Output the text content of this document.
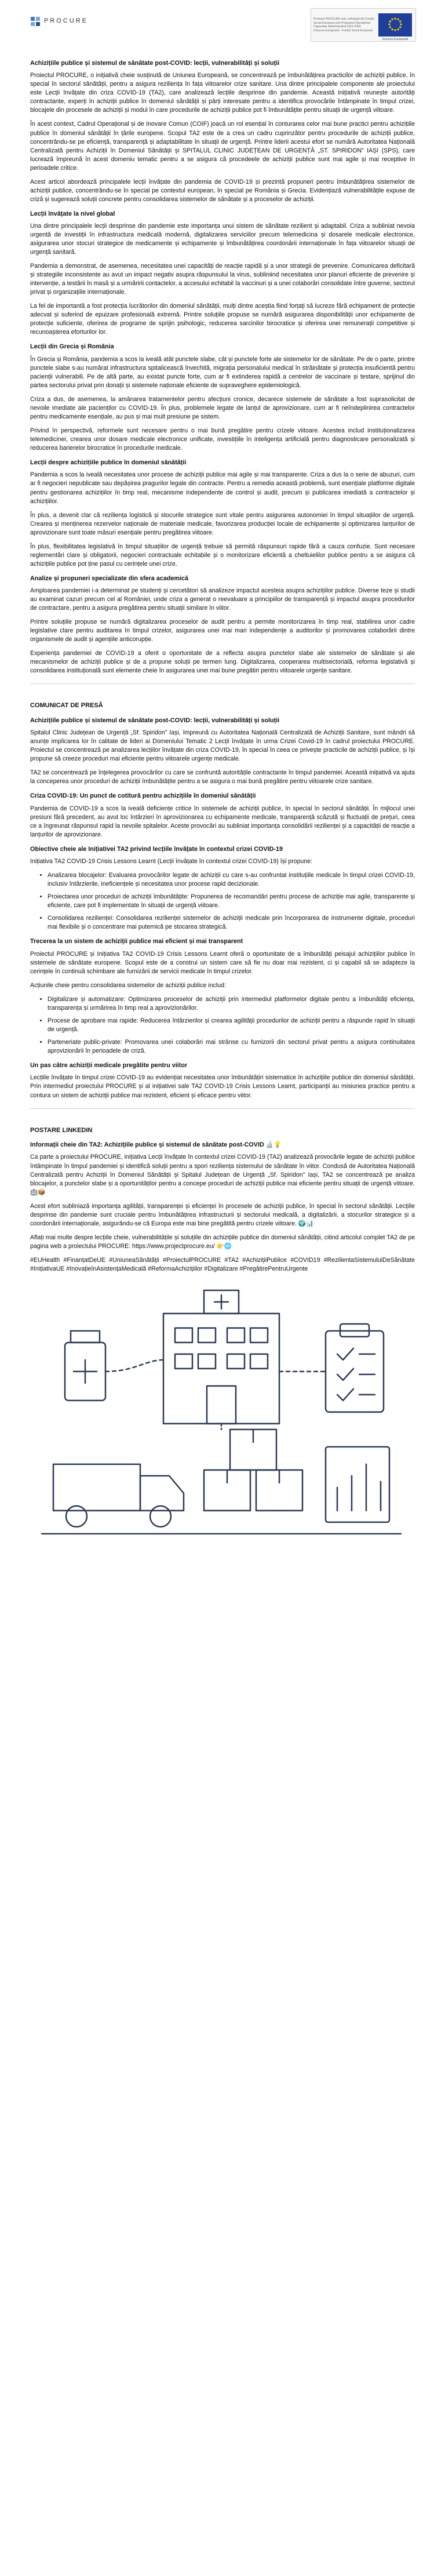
PROCURE	Proiectul PROCURE este cofinanțat din Fondul Social European prin Programul Operațional Capacitate Administrativă 2014-2020
Uniunea Europeană · Fondul Social European
Uniunea Europeană
Achizițiile publice și sistemul de sănătate post-COVID: lecții, vulnerabilități și soluții

Proiectul PROCURE, o inițiativă cheie susținută de Uniunea Europeană, se concentrează pe îmbunătățirea practicilor de achiziții publice, în special în sectorul sănătății, pentru a asigura reziliența în fața viitoarelor crize sanitare. Una dintre principalele componente ale proiectului este Lecții învățate din criza COVID-19 (TA2), care analizează lecțiile desprinse din pandemie. Această inițiativă reunește autorități contractante, experți în achiziții publice în domeniul sănătății și părți interesate pentru a identifica provocările întâmpinate în timpul crizei, blocajele din procesele de achiziții și modul în care procedurile de achiziții publice pot fi îmbunătățite pentru situații de urgență viitoare.

În acest context, Cadrul Operațional și de Inovare Comun (COIF) joacă un rol esențial în conturarea celor mai bune practici pentru achizițiile publice în domeniul sănătății în țările europene. Scopul TA2 este de a crea un cadru cuprinzător pentru procedurile de achiziții publice, concentrându-se pe eficiență, transparență și adaptabilitate în situații de urgență. Printre liderii acestui efort se numără Autoritatea Națională Centralizată pentru Achiziții în Domeniul Sănătății și SPITALUL CLINIC JUDEȚEAN DE URGENȚĂ „ST. SPIRIDON” IAȘI (SPS), care lucrează împreună în acest domeniu tematic pentru a se asigura că procedeele de achiziții publice sunt mai agile și mai receptive în perioadele critice.

Acest articol abordează principalele lecții învățate din pandemia de COVID-19 și prezintă propuneri pentru îmbunătățirea sistemelor de achiziții publice, concentrându-se în special pe contextul european, în special pe România și Grecia. Evidențiază vulnerabilitățile expuse de criză și sugerează soluții concrete pentru consolidarea sistemelor de sănătate și a proceselor de achiziții.

Lecții învățate la nivel global

Una dintre principalele lecții desprinse din pandemie este importanța unui sistem de sănătate rezilient și adaptabil. Criza a subliniat nevoia urgentă de investiții în infrastructura medicală modernă, digitalizarea serviciilor precum telemedicina și dosarele medicale electronice, asigurarea unor stocuri strategice de medicamente și echipamente și îmbunătățirea coordonării internaționale în fața viitoarelor situații de urgență sanitară.

Pandemia a demonstrat, de asemenea, necesitatea unei capacități de reacție rapidă și a unor strategii de prevenire. Comunicarea deficitară și strategiile inconsistente au avut un impact negativ asupra răspunsului la virus, subliniind necesitatea unor planuri eficiente de prevenire și intervenție, a testării în masă și a urmăririi contactelor, a accesului echitabil la vaccinuri și a unei colaborări consolidate între guverne, sectorul privat și organizațiile internaționale.

La fel de importantă a fost protecția lucrătorilor din domeniul sănătății, mulți dintre aceștia fiind forțați să lucreze fără echipament de protecție adecvat și suferind de epuizare profesională extremă. Printre soluțiile propuse se numără asigurarea disponibilității unor echipamente de protecție suficiente, oferirea de programe de sprijin psihologic, reducerea sarcinilor birocratice și oferirea unei remunerații competitive și recunoașterea eforturilor lor.

Lecții din Grecia și România

În Grecia și România, pandemia a scos la iveală atât punctele slabe, cât și punctele forte ale sistemelor lor de sănătate. Pe de o parte, printre punctele slabe s-au numărat infrastructura spitalicească învechită, migrația personalului medical în străinătate și protecția insuficientă pentru pacienții vulnerabili. Pe de altă parte, au existat puncte forte, cum ar fi extinderea rapidă a centrelor de vaccinare și testare, sprijinul din partea sectorului privat prin donații și sistemele naționale eficiente de supraveghere epidemiologică.

Criza a dus, de asemenea, la amânarea tratamentelor pentru afecțiuni cronice, decarece sistemele de sănătate a fost suprasolicitat de nevoile imediate ale pacienților cu COVID-19. În plus, problemele legate de lanțul de aprovizionare, cum ar fi neîndeplinirea contractelor pentru medicamente esențiale, au pus și mai mult presiune pe sistem.

Privind în perspectivă, reformele sunt necesare pentru o mai bună pregătire pentru crizele viitoare. Acestea includ instituționalizarea telemedicinei, crearea unor dosare medicale electronice unificate, investițiile în inteligența artificială pentru diagnosticare personalizată și reducerea barierelor birocratice în procedurile medicale.

Lecții despre achizițiile publice în domeniul sănătății

Pandemia a scos la iveală necesitatea unor procese de achiziții publice mai agile și mai transparente. Criza a dus la o serie de abuzuri, cum ar fi negocieri nepublicate sau depășirea pragurilor legale din contracte. Pentru a remedia această problemă, sunt esențiale platforme digitale pentru gestionarea achizițiilor în timp real, mecanisme independente de control și audit, precum și publicarea imediată a contractelor și achizițiilor.

În plus, a devenit clar că reziliența logistică și stocurile strategice sunt vitale pentru asigurarea autonomiei în timpul situațiilor de urgență. Crearea și menținerea rezervelor naționale de materiale medicale, favorizarea producției locale de echipamente și optimizarea lanțurilor de aprovizionare sunt toate măsuri esențiale pentru pregătirea viitoare.

În plus, flexibilitatea legislativă în timpul situațiilor de urgență trebuie să permită răspunsuri rapide fără a cauza confuzie. Sunt necesare reglementări clare și obligatorii, negocieri contractuale echitabile și o monitorizare eficientă a cheltuielilor publice pentru a se asigura că achizițiile publice pot ține pasul cu cerințele unei crize.

Analize și propuneri specializate din sfera academică

Amploarea pandemiei i-a determinat pe studenți și cercetători să analizeze impactul acesteia asupra achizițiilor publice. Diverse teze și studii au examinat cazuri precum cel al României, unde criza a generat o reevaluare a principiilor de transparență și impactul asupra procedurilor de contractare, pentru a asigura pregătirea pentru situații similare în viitor.

Printre soluțiile propuse se numără digitalizarea proceselor de audit pentru a permite monitorizarea în timp real, stabilirea unor cadre legislative clare pentru auditarea în timpul crizelor, asigurarea unei mai mari independențe a auditorilor și promovarea colaborării dintre organismele de audit și agențiile anticorupție.

Experiența pandemiei de COVID-19 a oferit o oportunitate de a reflecta asupra punctelor slabe ale sistemelor de sănătate și ale mecanismelor de achiziții publice și de a propune soluții pe termen lung. Digitalizarea, cooperarea multisectorială, reforma legislativă și consolidarea instituțională sunt elemente cheie în asigurarea unei mai bune pregătiri pentru viitoarele urgențe sanitare.

COMUNICAT DE PRESĂ
Achizițiile publice și sistemul de sănătate post-COVID: lecții, vulnerabilități și soluții

Spitalul Clinic Județean de Urgență „Sf. Spiridon” Iași, împreună cu Autoritatea Națională Centralizată de Achiziții Sanitare, sunt mândri să anunțe implicarea lor în calitate de lideri ai Domeniului Tematic 2 Lecții învățate în urma Crizei Covid-19 în cadrul proiectului PROCURE. Proiectul se concentrează pe analizarea lecțiilor învățate din criza COVID-19, în special în ceea ce privește practicile de achiziții publice, și își propune să creeze proceduri mai eficiente pentru viitoarele urgențe medicale.

TA2 se concentrează pe înțelegerea provocărilor cu care se confruntă autoritățile contractante în timpul pandemiei. Această inițiativă va ajuta la conceperea unor proceduri de achiziții îmbunătățite pentru a se asigura o mai bună pregătire pentru viitoarele crize sanitare.

Criza COVID-19: Un punct de cotitură pentru achizițiile în domeniul sănătății

Pandemia de COVID-19 a scos la iveală deficiențe critice în sistemele de achiziții publice, în special în sectorul sănătății. În mijlocul unei presiuni fără precedent, au avut loc întârzieri în aprovizionarea cu echipamente medicale, transparență scăzută și fluctuații de prețuri, ceea ce a îngreunat răspunsul rapid la nevoile spitalelor. Aceste provocări au subliniat importanța consolidării rezilienței și a capacității de reacție a lanțurilor de aprovizionare.

Obiective cheie ale Inițiativei TA2 privind lecțiile învățate în contextul crizei COVID-19

Inițiativa TA2 COVID-19 Crisis Lessons Learnt (Lecții învățate în contextul crizei COVID-19) își propune:

• Analizarea blocajelor: Evaluarea provocărilor legate de achiziții cu care s-au confruntat instituțiile medicale în timpul crizei COVID-19, inclusiv întârzierile, ineficiențele și necesitatea unor procese rapid decizionale.
• Proiectarea unor proceduri de achiziții îmbunătățite: Propunerea de recomandări pentru procese de achiziție mai agile, transparente și eficiente, care pot fi implementate în situații de urgență viitoare.
• Consolidarea rezilienței: Consolidarea rezilienței sistemelor de achiziții medicale prin încorporarea de instrumente digitale, proceduri mai flexibile și o concentrare mai puternică pe stocarea strategică.
Trecerea la un sistem de achiziții publice mai eficient și mai transparent

Proiectul PROCURE și Inițiativa TA2 COVID-19 Crisis Lessons Learnt oferă o oportunitate de a îmbunătăți peisajul achizițiilor publice în sistemele de sănătate europene. Scopul este de a construi un sistem care să fie nu doar mai rezistent, ci și capabil să se adapteze la cerințele în continuă schimbare ale furnizării de servicii medicale în timpul crizelor.

Acțiunile cheie pentru consolidarea sistemelor de achiziții publice includ:

• Digitalizare și automatizare: Optimizarea proceselor de achiziții prin intermediul platformelor digitale pentru a îmbunătăți eficiența, transparența și urmărirea în timp real a aprovizionărilor.
• Procese de aprobare mai rapide: Reducerea întârzierilor și crearea agilității procedurilor de achiziții pentru a răspunde rapid în situații de urgență.
• Parteneriate public-private: Promovarea unei colaborări mai strânse cu furnizorii din sectorul privat pentru a asigura continuitatea aprovizionării în perioadele de criză.
Un pas către achiziții medicale pregătite pentru viitor

Lecțiile învățate în timpul crizei COVID-19 au evidențiat necesitatea unor îmbunătățiri sistematice în achizițiile publice din domeniul sănătății. Prin intermediul proiectului PROCURE și al inițiativei sale TA2 COVID-19 Crisis Lessons Learnt, participanții au misiunea practice pentru a contura un sistem de achiziții publice mai rezistent, eficient și eficace pentru viitor.

POSTARE LINKEDIN
Informații cheie din TA2: Achizițiile publice și sistemul de sănătate post-COVID 🔬💡

Ca parte a proiectului PROCURE, inițiativa Lecții învățate în contextul crizei COVID-19 (TA2) analizează provocările legate de achiziții publice întâmpinate în timpul pandemiei și identifică soluții pentru a spori reziliența sistemului de sănătate în viitor. Condusă de Autoritatea Națională Centralizată pentru Achiziții în Domeniul Sănătății și Spitalul Județean de Urgență „Sf. Spiridon” Iași, TA2 se concentrează pe analiza blocajelor, a punctelor slabe și a oportunităților pentru a concepe proceduri de achiziții publice mai eficiente pentru situații de urgență viitoare. 🏥📦

Acest efort subliniază importanța agilității, transparenței și eficienței în procesele de achiziții publice, în special în sectorul sănătății. Lecțiile desprinse din pandemie sunt cruciale pentru îmbunătățirea infrastructurii și sectorului medicală, a digitalizării, a stocurilor strategice și a coordonării internaționale, asigurându-se că Europa este mai bine pregătită pentru crizele viitoare. 🌍📊

Aflați mai multe despre lecțiile cheie, vulnerabilitățile și soluțiile din achizițiile publice din domeniul sănătății, citind articolul complet TA2 de pe pagina web a proiectului PROCURE: https://www.projectprocure.eu/ 👉🌐

#EUHealth #FinanțatDeUE #UniuneaSănătății #ProiectulPROCURE #TA2 #AchizițiiPublice #COVID19 #RezilientaSistemuluiDeSănătate #InițiativaUE #InovațieînAsistențaMedicală #ReformaAchizițiilor #Digitalizare #PregătirePentruUrgente
